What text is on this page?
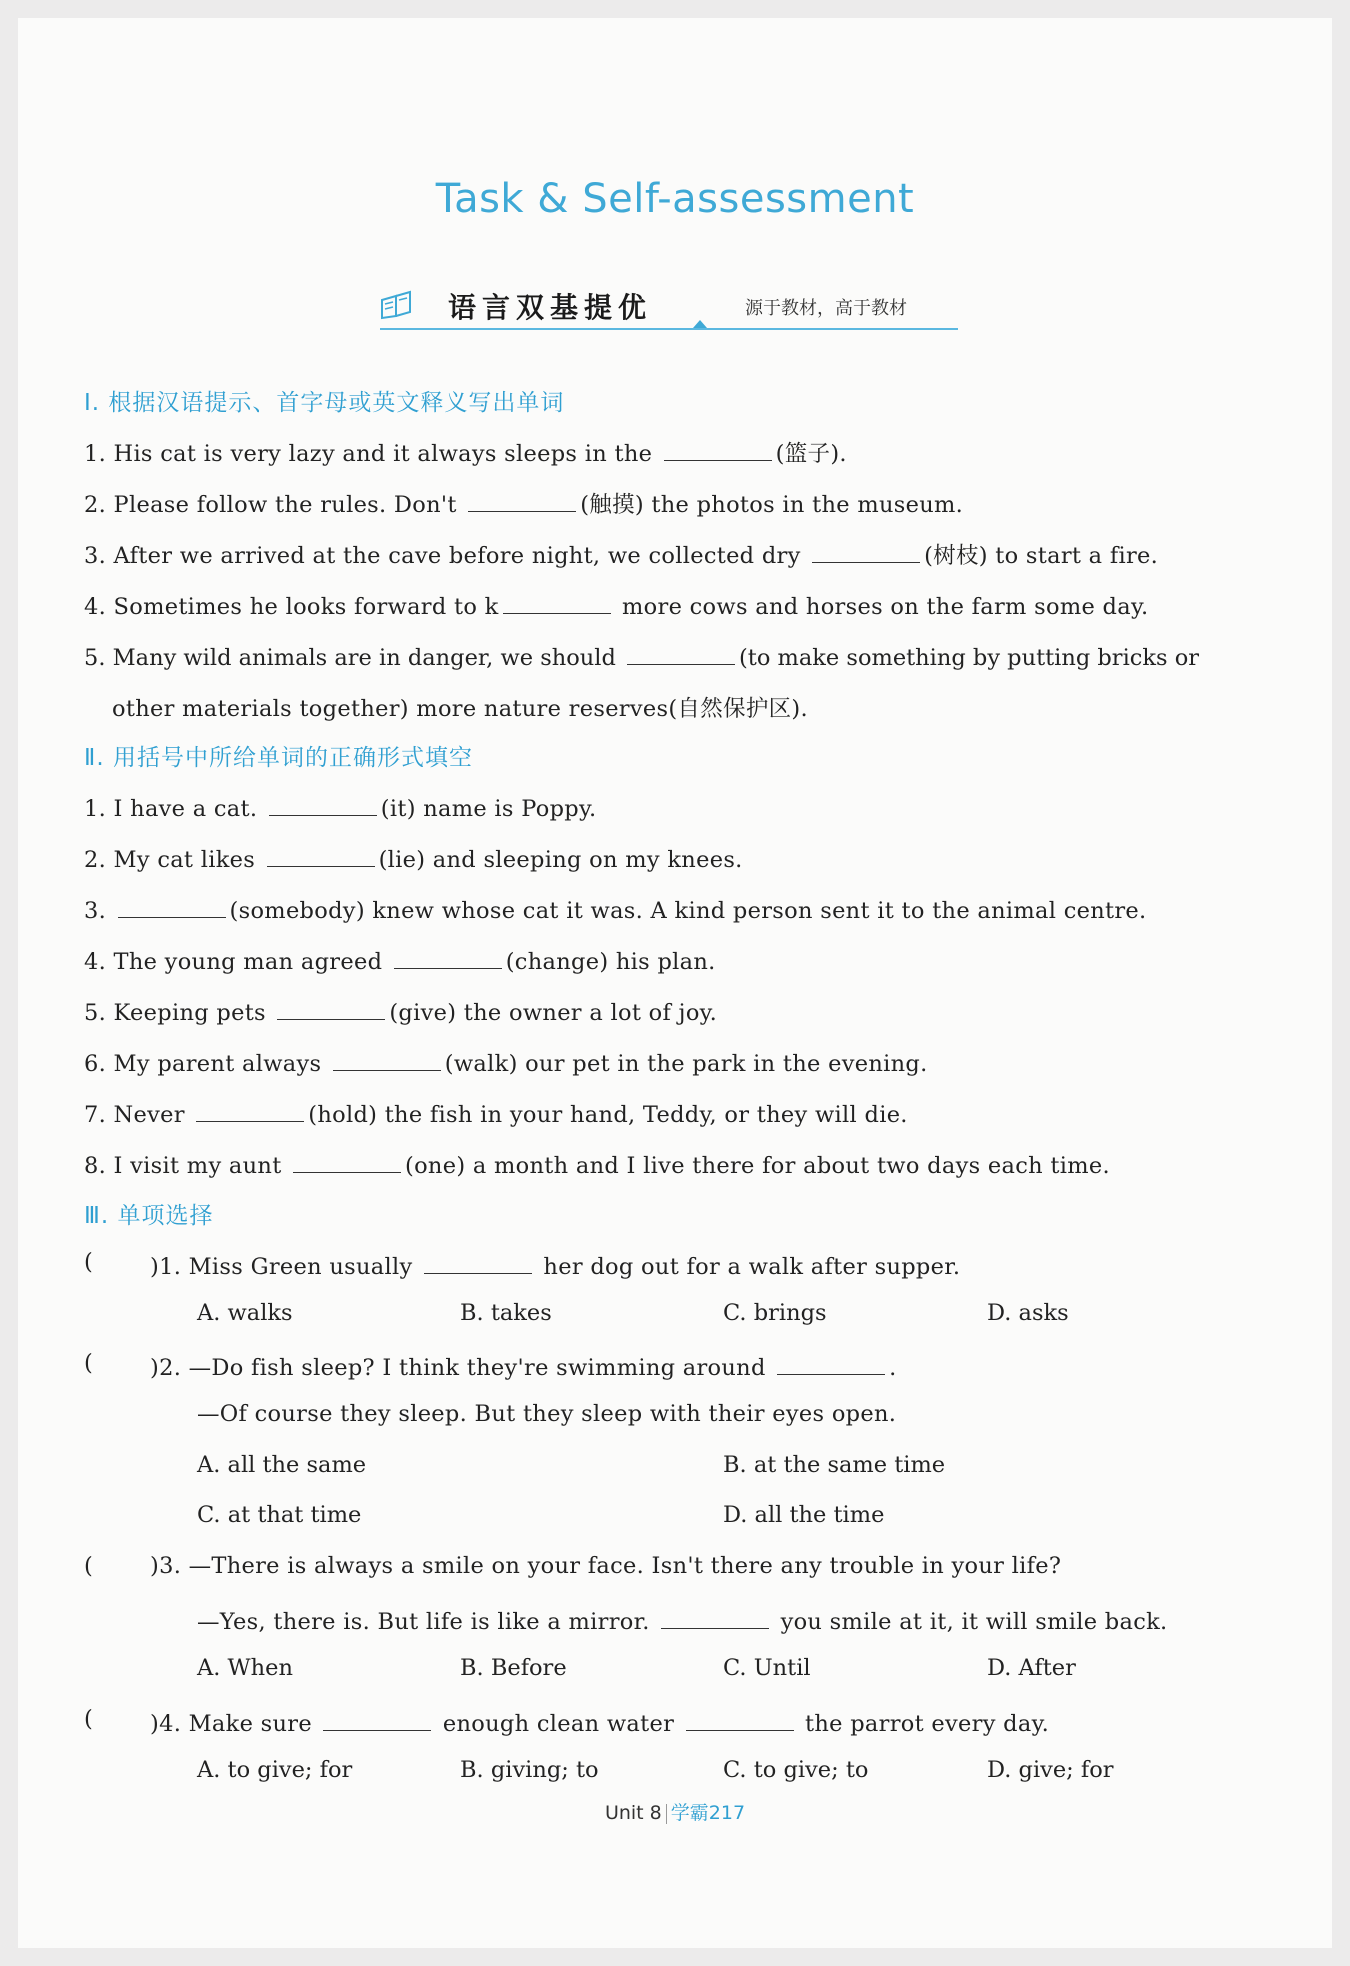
Task & Self-assessment
语言双基提优	源于教材，高于教材
Ⅰ. 根据汉语提示、首字母或英文释义写出单词
1. His cat is very lazy and it always sleeps in the	(篮子).
2. Please follow the rules. Don't	(触摸) the photos in the museum.
3. After we arrived at the cave before night, we collected dry	(树枝) to start a fire.
4. Sometimes he looks forward to k	more cows and horses on the farm some day.
5. Many wild animals are in danger, we should	(to make something by putting bricks or
other materials together) more nature reserves(自然保护区).
Ⅱ. 用括号中所给单词的正确形式填空
1. I have a cat.	(it) name is Poppy.
2. My cat likes	(lie) and sleeping on my knees.
3.	(somebody) knew whose cat it was. A kind person sent it to the animal centre.
4. The young man agreed	(change) his plan.
5. Keeping pets	(give) the owner a lot of joy.
6. My parent always	(walk) our pet in the park in the evening.
7. Never	(hold) the fish in your hand, Teddy, or they will die.
8. I visit my aunt	(one) a month and I live there for about two days each time.
Ⅲ. 单项选择
(	)1. Miss Green usually	her dog out for a walk after supper.
A. walks	B. takes	C. brings	D. asks
(	)2. —Do fish sleep? I think they're swimming around	.
—Of course they sleep. But they sleep with their eyes open.
A. all the same	B. at the same time
C. at that time	D. all the time
(	)3. —There is always a smile on your face. Isn't there any trouble in your life?
—Yes, there is. But life is like a mirror.	you smile at it, it will smile back.
A. When	B. Before	C. Until	D. After
(	)4. Make sure	enough clean water	the parrot every day.
A. to give; for	B. giving; to	C. to give; to	D. give; for
Unit 8 学霸217
